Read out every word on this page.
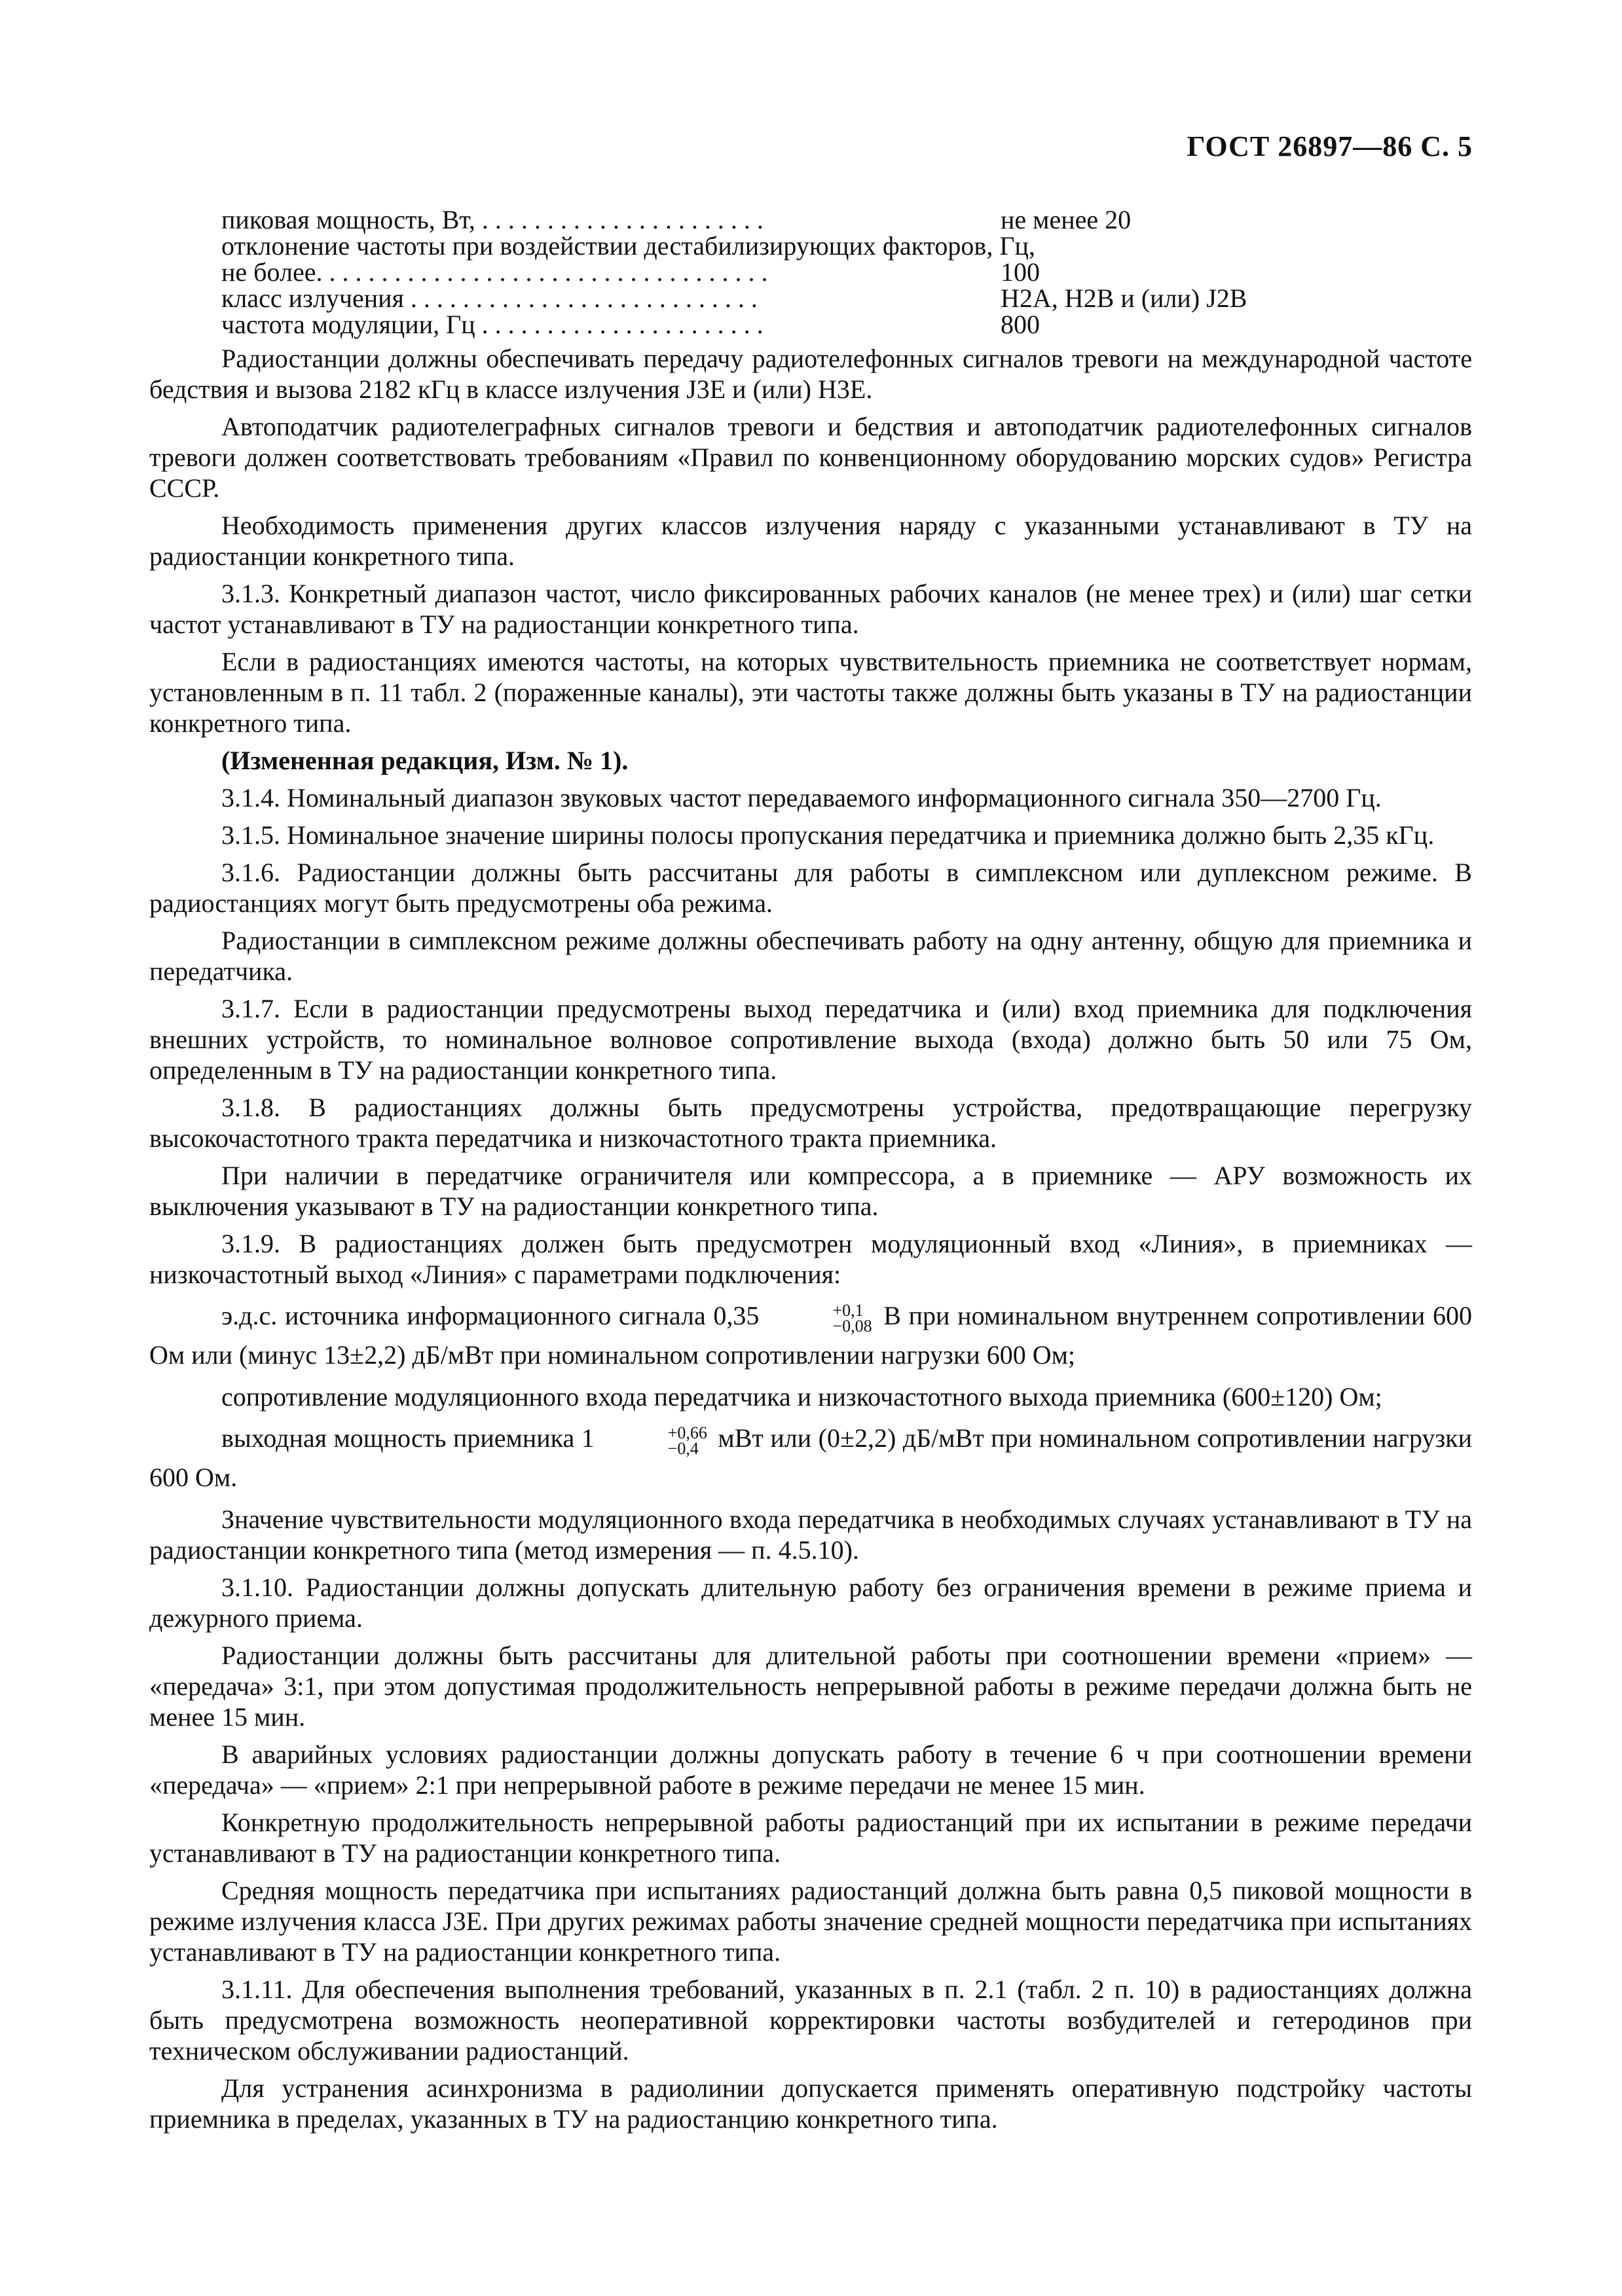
ГОСТ 26897—86 С. 5
пиковая мощность, Вт, . . . . . . . . . . . . . . . . . . . . . .	не менее 20
отклонение частоты при воздействии дестабилизирующих факторов, Гц,
не более. . . . . . . . . . . . . . . . . . . . . . . . . . . . . . . . . . .	100
класс излучения . . . . . . . . . . . . . . . . . . . . . . . . . . .	Н2А, Н2В и (или) J2В
частота модуляции, Гц . . . . . . . . . . . . . . . . . . . . . .	800

Радиостанции должны обеспечивать передачу радиотелефонных сигналов тревоги на международной частоте бедствия и вызова 2182 кГц в классе излучения J3E и (или) Н3Е.

Автоподатчик радиотелеграфных сигналов тревоги и бедствия и автоподатчик радиотелефонных сигналов тревоги должен соответствовать требованиям «Правил по конвенционному оборудованию морских судов» Регистра СССР.

Необходимость применения других классов излучения наряду с указанными устанавливают в ТУ на радиостанции конкретного типа.

3.1.3. Конкретный диапазон частот, число фиксированных рабочих каналов (не менее трех) и (или) шаг сетки частот устанавливают в ТУ на радиостанции конкретного типа.

Если в радиостанциях имеются частоты, на которых чувствительность приемника не соответствует нормам, установленным в п. 11 табл. 2 (пораженные каналы), эти частоты также должны быть указаны в ТУ на радиостанции конкретного типа.

(Измененная редакция, Изм. № 1).

3.1.4. Номинальный диапазон звуковых частот передаваемого информационного сигнала 350—2700 Гц.

3.1.5. Номинальное значение ширины полосы пропускания передатчика и приемника должно быть 2,35 кГц.

3.1.6. Радиостанции должны быть рассчитаны для работы в симплексном или дуплексном режиме. В радиостанциях могут быть предусмотрены оба режима.

Радиостанции в симплексном режиме должны обеспечивать работу на одну антенну, общую для приемника и передатчика.

3.1.7. Если в радиостанции предусмотрены выход передатчика и (или) вход приемника для подключения внешних устройств, то номинальное волновое сопротивление выхода (входа) должно быть 50 или 75 Ом, определенным в ТУ на радиостанции конкретного типа.

3.1.8. В радиостанциях должны быть предусмотрены устройства, предотвращающие перегрузку высокочастотного тракта передатчика и низкочастотного тракта приемника.

При наличии в передатчике ограничителя или компрессора, а в приемнике — АРУ возможность их выключения указывают в ТУ на радиостанции конкретного типа.

3.1.9. В радиостанциях должен быть предусмотрен модуляционный вход «Линия», в приемниках — низкочастотный выход «Линия» с параметрами подключения:

э.д.с. источника информационного сигнала 0,35	+0,1
−0,08 В при номинальном внутреннем сопротивлении 600 Ом или (минус 13±2,2) дБ/мВт при номинальном сопротивлении нагрузки 600 Ом;

сопротивление модуляционного входа передатчика и низкочастотного выхода приемника (600±120) Ом;

выходная мощность приемника 1	+0,66
−0,4 мВт или (0±2,2) дБ/мВт при номинальном сопротивлении нагрузки 600 Ом.

Значение чувствительности модуляционного входа передатчика в необходимых случаях устанавливают в ТУ на радиостанции конкретного типа (метод измерения — п. 4.5.10).

3.1.10. Радиостанции должны допускать длительную работу без ограничения времени в режиме приема и дежурного приема.

Радиостанции должны быть рассчитаны для длительной работы при соотношении времени «прием» — «передача» 3:1, при этом допустимая продолжительность непрерывной работы в режиме передачи должна быть не менее 15 мин.

В аварийных условиях радиостанции должны допускать работу в течение 6 ч при соотношении времени «передача» — «прием» 2:1 при непрерывной работе в режиме передачи не менее 15 мин.

Конкретную продолжительность непрерывной работы радиостанций при их испытании в режиме передачи устанавливают в ТУ на радиостанции конкретного типа.

Средняя мощность передатчика при испытаниях радиостанций должна быть равна 0,5 пиковой мощности в режиме излучения класса J3E. При других режимах работы значение средней мощности передатчика при испытаниях устанавливают в ТУ на радиостанции конкретного типа.

3.1.11. Для обеспечения выполнения требований, указанных в п. 2.1 (табл. 2 п. 10) в радиостанциях должна быть предусмотрена возможность неоперативной корректировки частоты возбудителей и гетеродинов при техническом обслуживании радиостанций.

Для устранения асинхронизма в радиолинии допускается применять оперативную подстройку частоты приемника в пределах, указанных в ТУ на радиостанцию конкретного типа.
